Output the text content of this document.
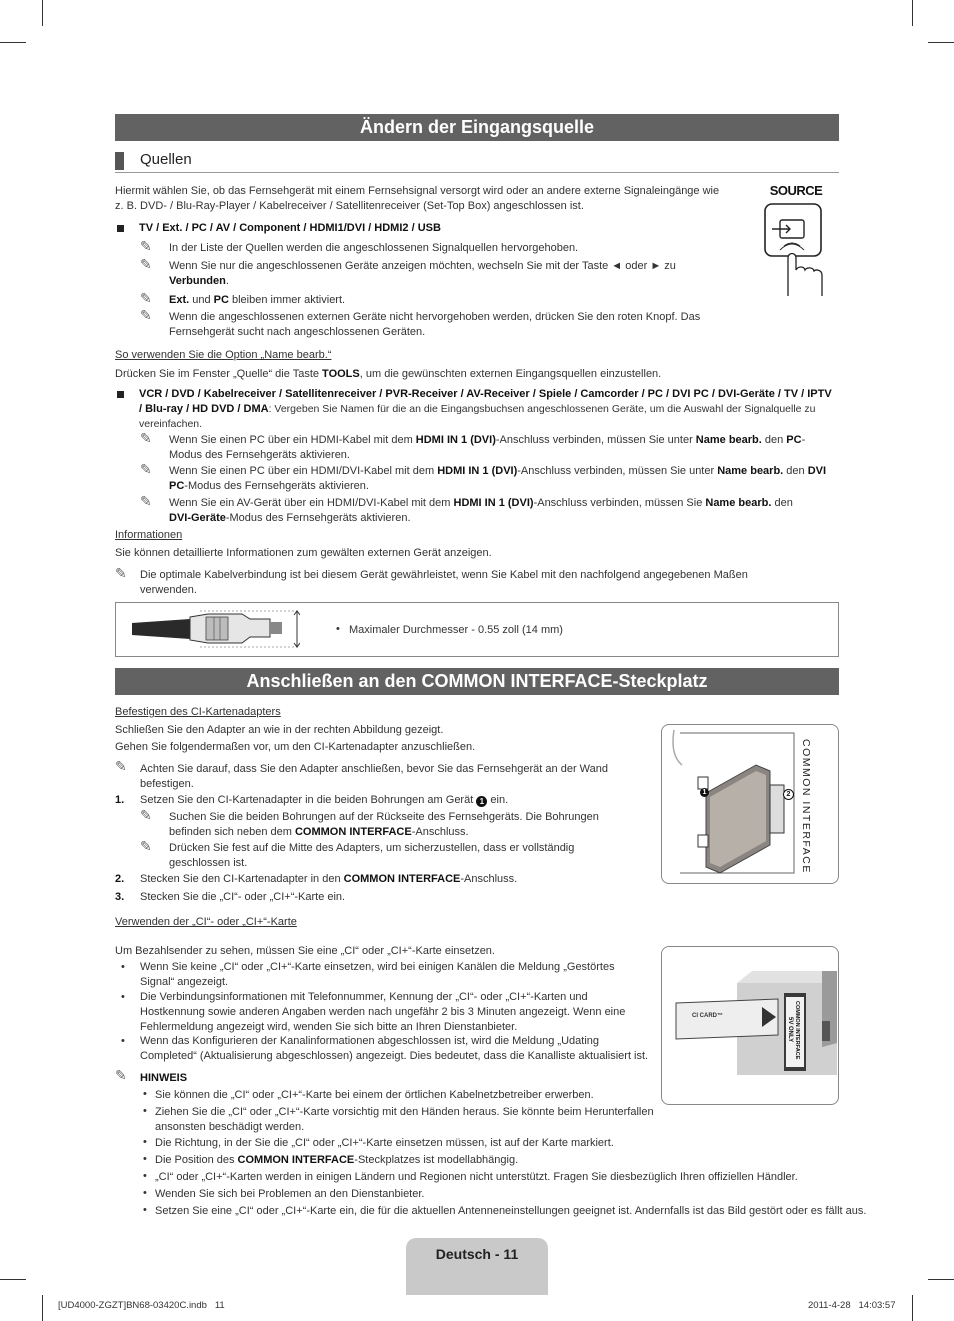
Ändern der Eingangsquelle
Quellen
Hiermit wählen Sie, ob das Fernsehgerät mit einem Fernsehsignal versorgt wird oder an andere externe Signaleingänge wie
z. B. DVD- / Blu-Ray-Player / Kabelreceiver / Satellitenreceiver (Set-Top Box) angeschlossen ist.
SOURCE
TV / Ext. / PC / AV / Component / HDMI1/DVI / HDMI2 / USB
✎ In der Liste der Quellen werden die angeschlossenen Signalquellen hervorgehoben.
✎ Wenn Sie nur die angeschlossenen Geräte anzeigen möchten, wechseln Sie mit der Taste ◄ oder ► zu
Verbunden.
✎ Ext. und PC bleiben immer aktiviert.
✎ Wenn die angeschlossenen externen Geräte nicht hervorgehoben werden, drücken Sie den roten Knopf. Das
Fernsehgerät sucht nach angeschlossenen Geräten.
So verwenden Sie die Option „Name bearb.“
Drücken Sie im Fenster „Quelle“ die Taste TOOLS, um die gewünschten externen Eingangsquellen einzustellen.
VCR / DVD / Kabelreceiver / Satellitenreceiver / PVR-Receiver / AV-Receiver / Spiele / Camcorder / PC / DVI PC / DVI-Geräte / TV / IPTV
/ Blu-ray / HD DVD / DMA: Vergeben Sie Namen für die an die Eingangsbuchsen angeschlossenen Geräte, um die Auswahl der Signalquelle zu
vereinfachen.
✎ Wenn Sie einen PC über ein HDMI-Kabel mit dem HDMI IN 1 (DVI)-Anschluss verbinden, müssen Sie unter Name bearb. den PC-
Modus des Fernsehgeräts aktivieren.
✎ Wenn Sie einen PC über ein HDMI/DVI-Kabel mit dem HDMI IN 1 (DVI)-Anschluss verbinden, müssen Sie unter Name bearb. den DVI
PC-Modus des Fernsehgeräts aktivieren.
✎ Wenn Sie ein AV-Gerät über ein HDMI/DVI-Kabel mit dem HDMI IN 1 (DVI)-Anschluss verbinden, müssen Sie Name bearb. den
DVI-Geräte-Modus des Fernsehgeräts aktivieren.
Informationen
Sie können detaillierte Informationen zum gewälten externen Gerät anzeigen.
✎ Die optimale Kabelverbindung ist bei diesem Gerät gewährleistet, wenn Sie Kabel mit den nachfolgend angegebenen Maßen
verwenden.
• Maximaler Durchmesser - 0.55 zoll (14 mm)
Anschließen an den COMMON INTERFACE-Steckplatz
Befestigen des CI-Kartenadapters
Schließen Sie den Adapter an wie in der rechten Abbildung gezeigt.
Gehen Sie folgendermaßen vor, um den CI-Kartenadapter anzuschließen.
✎ Achten Sie darauf, dass Sie den Adapter anschließen, bevor Sie das Fernsehgerät an der Wand
befestigen.
1. Setzen Sie den CI-Kartenadapter in die beiden Bohrungen am Gerät 1 ein.
✎ Suchen Sie die beiden Bohrungen auf der Rückseite des Fernsehgeräts. Die Bohrungen
befinden sich neben dem COMMON INTERFACE-Anschluss.
✎ Drücken Sie fest auf die Mitte des Adapters, um sicherzustellen, dass er vollständig
geschlossen ist.
2. Stecken Sie den CI-Kartenadapter in den COMMON INTERFACE-Anschluss.
3. Stecken Sie die „CI“- oder „CI+“-Karte ein.
1	2 COMMON INTERFACE
Verwenden der „CI“- oder „CI+“-Karte
Um Bezahlsender zu sehen, müssen Sie eine „CI“ oder „CI+“-Karte einsetzen.
• Wenn Sie keine „CI“ oder „CI+“-Karte einsetzen, wird bei einigen Kanälen die Meldung „Gestörtes
Signal“ angezeigt.
• Die Verbindungsinformationen mit Telefonnummer, Kennung der „CI“- oder „CI+“-Karten und
Hostkennung sowie anderen Angaben werden nach ungefähr 2 bis 3 Minuten angezeigt. Wenn eine
Fehlermeldung angezeigt wird, wenden Sie sich bitte an Ihren Dienstanbieter.
• Wenn das Konfigurieren der Kanalinformationen abgeschlossen ist, wird die Meldung „Udating
Completed“ (Aktualisierung abgeschlossen) angezeigt. Dies bedeutet, dass die Kanalliste aktualisiert ist.
✎ HINWEIS
• Sie können die „CI“ oder „CI+“-Karte bei einem der örtlichen Kabelnetzbetreiber erwerben.
• Ziehen Sie die „CI“ oder „CI+“-Karte vorsichtig mit den Händen heraus. Sie könnte beim Herunterfallen
ansonsten beschädigt werden.
• Die Richtung, in der Sie die „CI“ oder „CI+“-Karte einsetzen müssen, ist auf der Karte markiert.
• Die Position des COMMON INTERFACE-Steckplatzes ist modellabhängig.
• „CI“ oder „CI+“-Karten werden in einigen Ländern und Regionen nicht unterstützt. Fragen Sie diesbezüglich Ihren offiziellen Händler.
• Wenden Sie sich bei Problemen an den Dienstanbieter.
• Setzen Sie eine „CI“ oder „CI+“-Karte ein, die für die aktuellen Antenneneinstellungen geeignet ist. Andernfalls ist das Bild gestört oder es fällt aus.
CI CARD™	COMMON INTERFACE
5V ONLY
Deutsch - 11
[UD4000-ZGZT]BN68-03420C.indb   11	2011-4-28   14:03:57
